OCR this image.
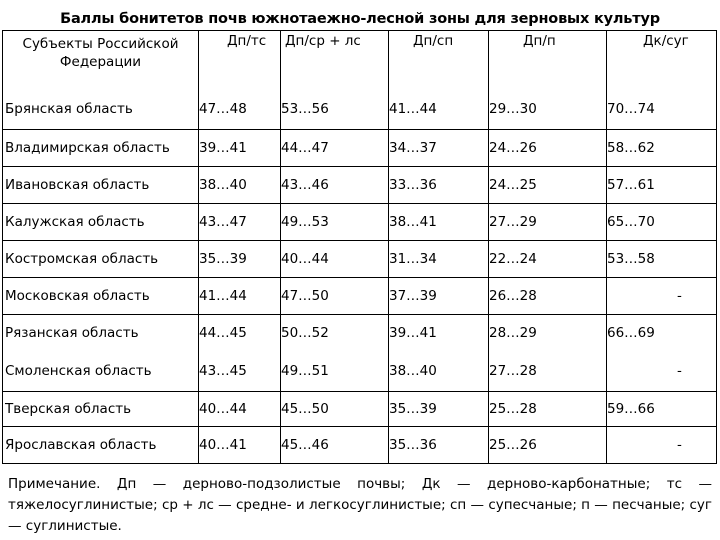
Баллы бонитетов почв южнотаежно-лесной зоны для зерновых культур
Субъекты Российской Федерации	Дп/тс	Дп/ср + лс	Дп/сп	Дп/п	Дк/суг
Брянская область	47…48	53…56	41…44	29…30	70…74
Владимирская область	39…41	44…47	34…37	24…26	58…62
Ивановская область	38…40	43…46	33…36	24…25	57…61
Калужская область	43…47	49…53	38…41	27…29	65…70
Костромская область	35…39	40…44	31…34	22…24	53…58
Московская область	41…44	47…50	37…39	26…28	-
Рязанская область	44…45	50…52	39…41	28…29	66…69
Смоленская область	43…45	49…51	38…40	27…28	-
Тверская область	40…44	45…50	35…39	25…28	59…66
Ярославская область	40…41	45…46	35…36	25…26	-
Примечание. Дп — дерново-подзолистые почвы; Дк — дерново-карбонатные; тс — тяжелосуглинистые; ср + лс — средне- и легкосуглинистые; сп — супесчаные; п — песчаные; суг — суглинистые.
